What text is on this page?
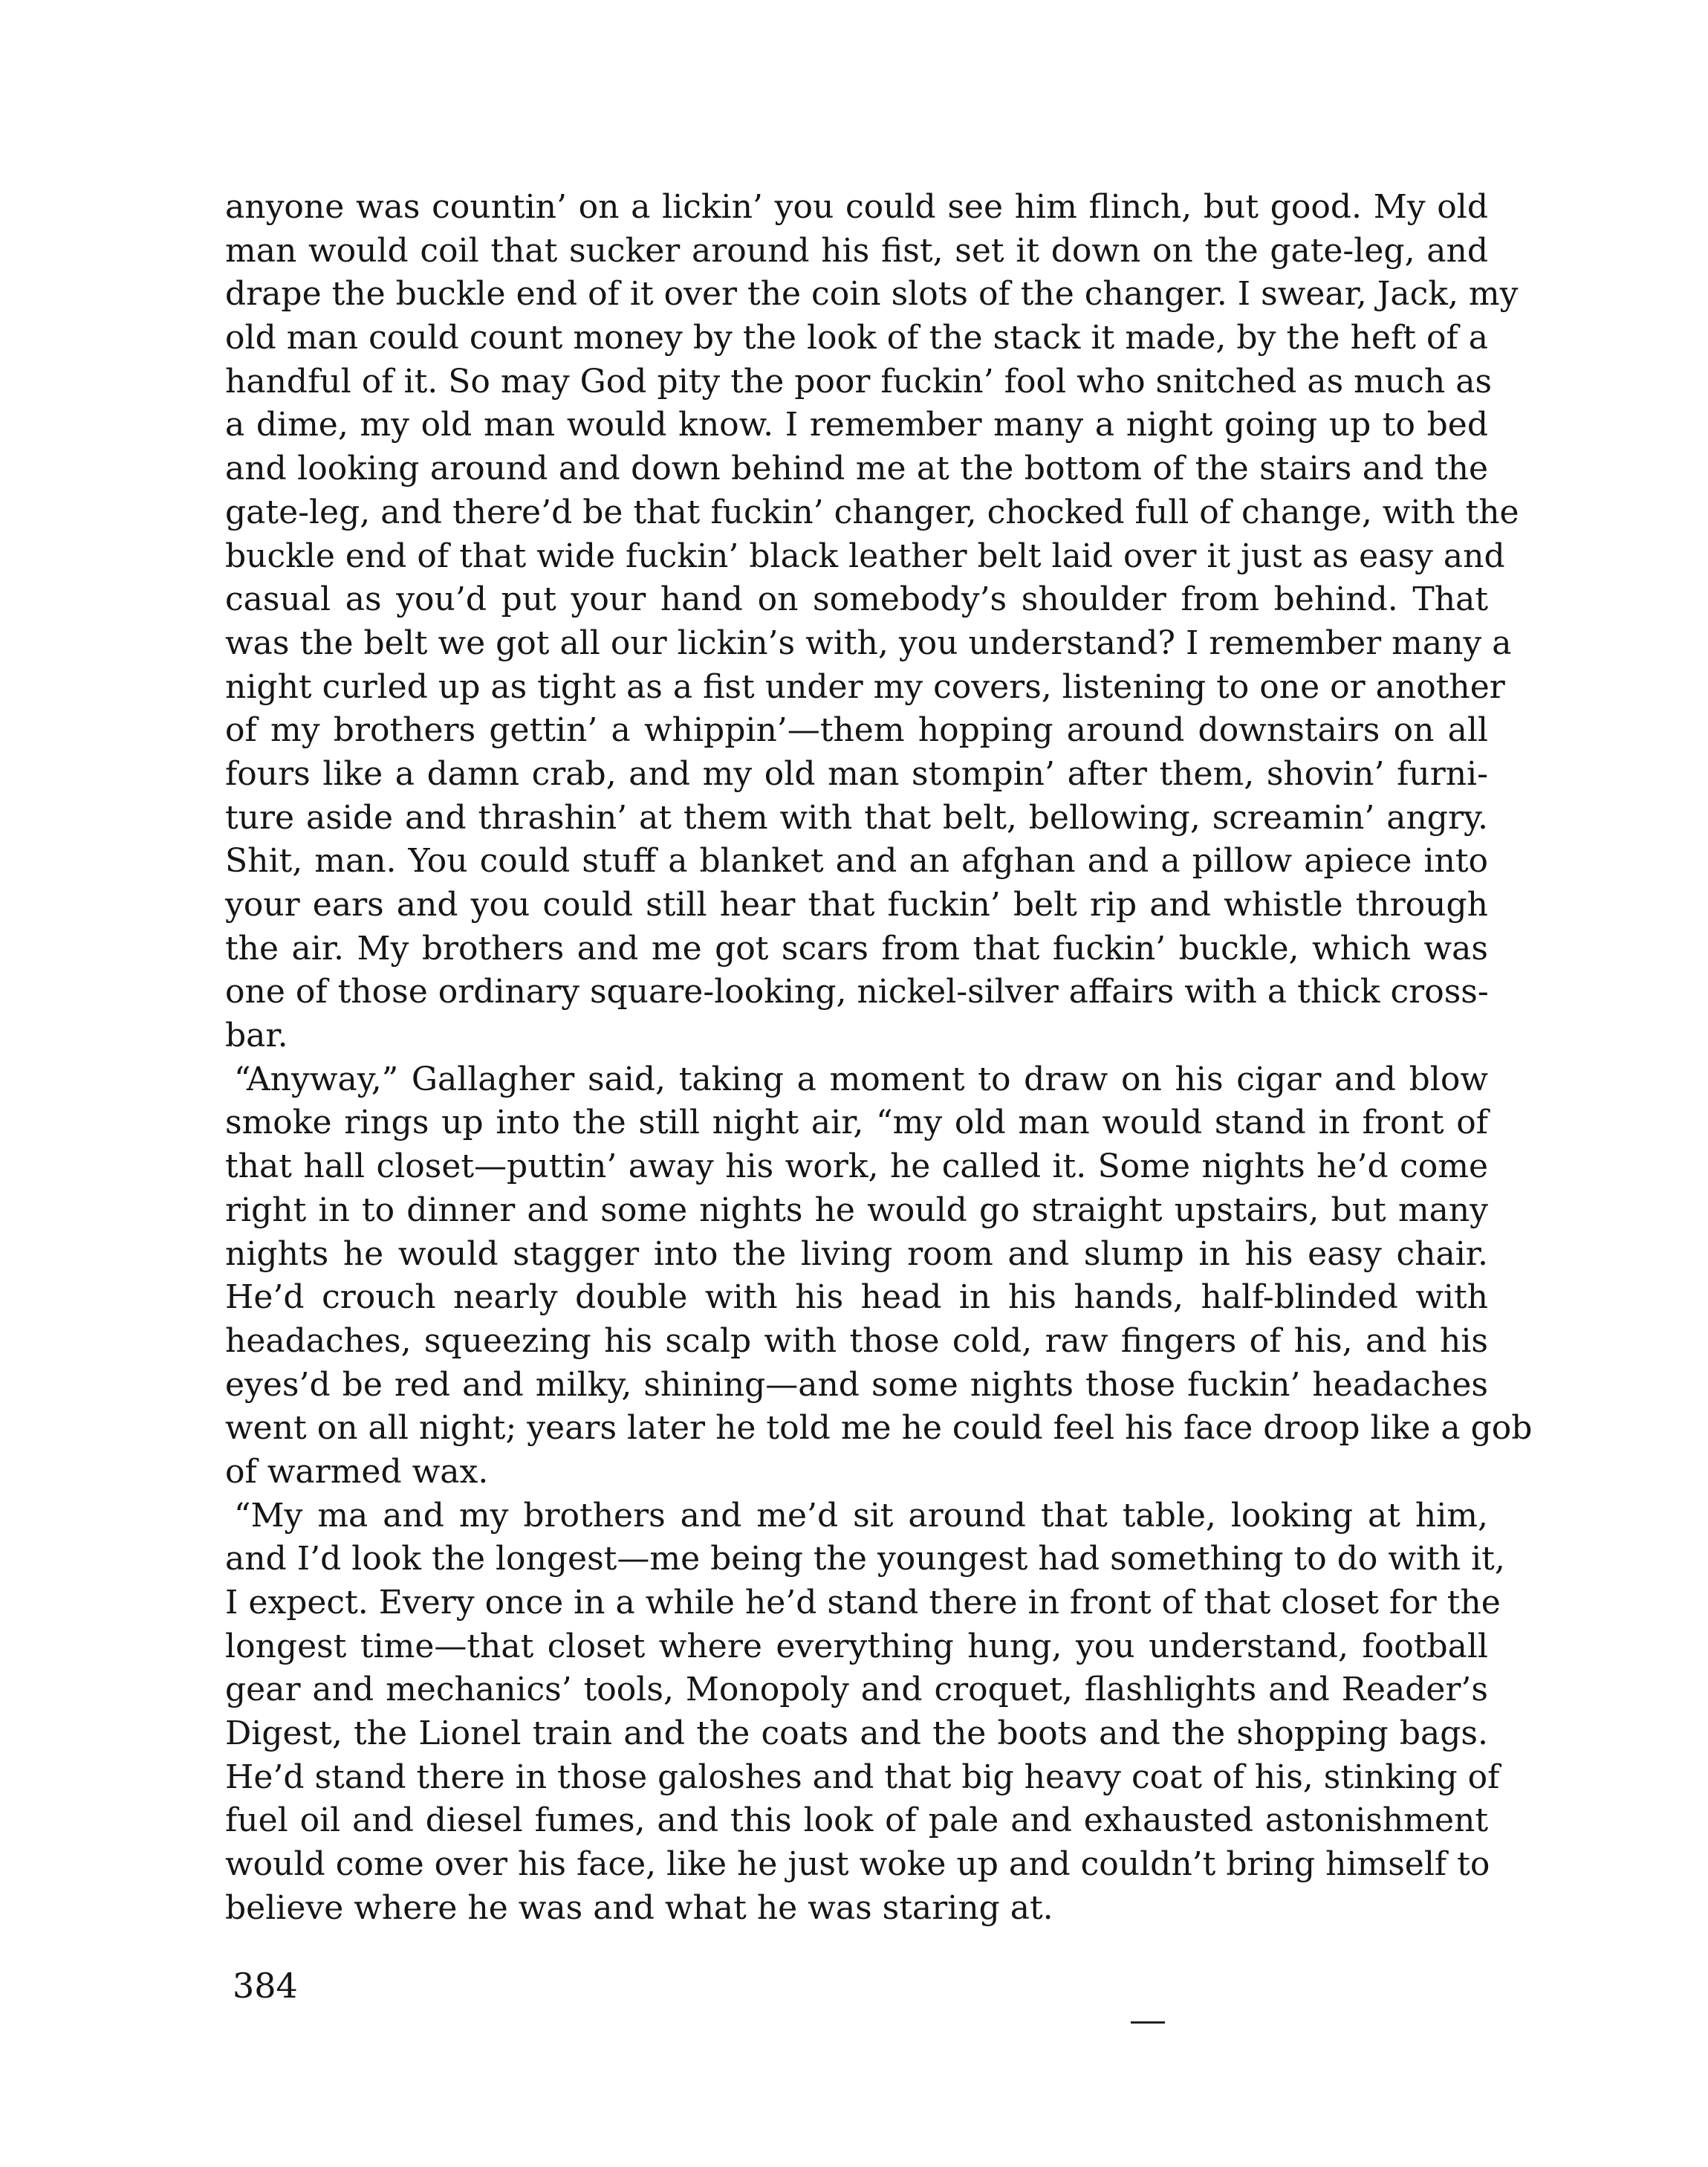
anyone was countin’ on a lickin’ you could see him flinch, but good. My old
man would coil that sucker around his fist, set it down on the gate-leg, and
drape the buckle end of it over the coin slots of the changer. I swear, Jack, my
old man could count money by the look of the stack it made, by the heft of a
handful of it. So may God pity the poor fuckin’ fool who snitched as much as
a dime, my old man would know. I remember many a night going up to bed
and looking around and down behind me at the bottom of the stairs and the
gate-leg, and there’d be that fuckin’ changer, chocked full of change, with the
buckle end of that wide fuckin’ black leather belt laid over it just as easy and
casual as you’d put your hand on somebody’s shoulder from behind. That
was the belt we got all our lickin’s with, you understand? I remember many a
night curled up as tight as a fist under my covers, listening to one or another
of my brothers gettin’ a whippin’—them hopping around downstairs on all
fours like a damn crab, and my old man stompin’ after them, shovin’ furni-
ture aside and thrashin’ at them with that belt, bellowing, screamin’ angry.
Shit, man. You could stuff a blanket and an afghan and a pillow apiece into
your ears and you could still hear that fuckin’ belt rip and whistle through
the air. My brothers and me got scars from that fuckin’ buckle, which was
one of those ordinary square-looking, nickel-silver affairs with a thick cross-
bar.
“Anyway,” Gallagher said, taking a moment to draw on his cigar and blow
smoke rings up into the still night air, “my old man would stand in front of
that hall closet—puttin’ away his work, he called it. Some nights he’d come
right in to dinner and some nights he would go straight upstairs, but many
nights he would stagger into the living room and slump in his easy chair.
He’d crouch nearly double with his head in his hands, half-blinded with
headaches, squeezing his scalp with those cold, raw fingers of his, and his
eyes’d be red and milky, shining—and some nights those fuckin’ headaches
went on all night; years later he told me he could feel his face droop like a gob
of warmed wax.
“My ma and my brothers and me’d sit around that table, looking at him,
and I’d look the longest—me being the youngest had something to do with it,
I expect. Every once in a while he’d stand there in front of that closet for the
longest time—that closet where everything hung, you understand, football
gear and mechanics’ tools, Monopoly and croquet, flashlights and Reader’s
Digest, the Lionel train and the coats and the boots and the shopping bags.
He’d stand there in those galoshes and that big heavy coat of his, stinking of
fuel oil and diesel fumes, and this look of pale and exhausted astonishment
would come over his face, like he just woke up and couldn’t bring himself to
believe where he was and what he was staring at.
384
